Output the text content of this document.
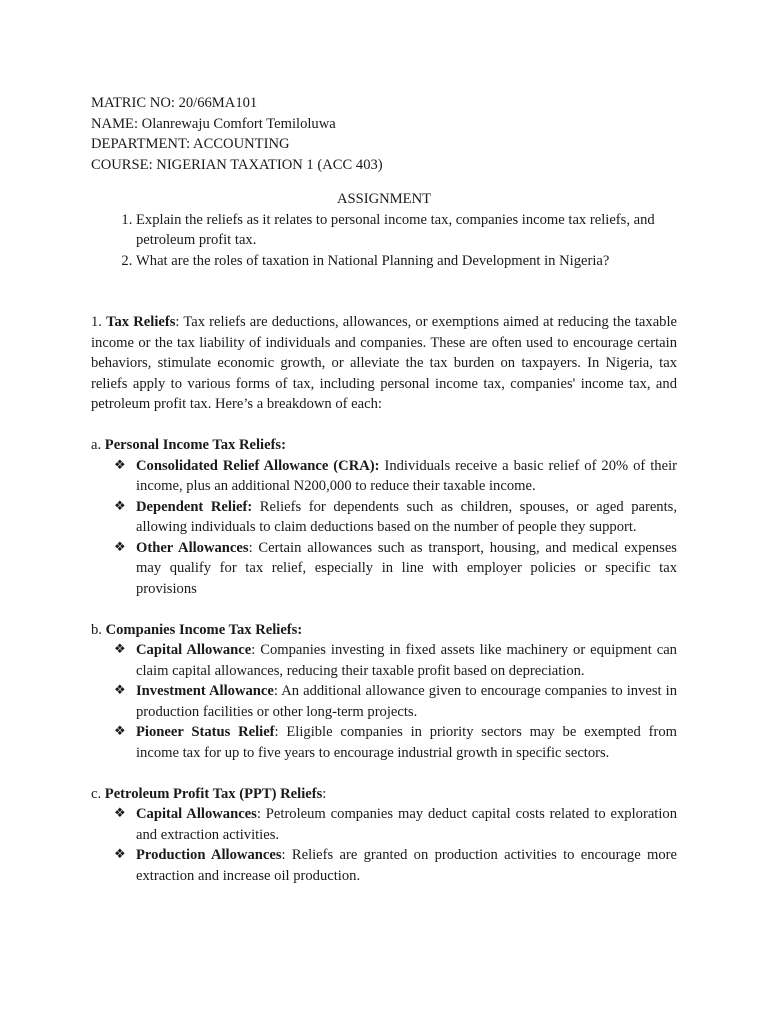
MATRIC NO: 20/66MA101

NAME: Olanrewaju Comfort Temiloluwa

DEPARTMENT: ACCOUNTING

COURSE: NIGERIAN TAXATION 1 (ACC 403)

ASSIGNMENT
1. Explain the reliefs as it relates to personal income tax, companies income tax reliefs, and petroleum profit tax.
2. What are the roles of taxation in National Planning and Development in Nigeria?

1. Tax Reliefs: Tax reliefs are deductions, allowances, or exemptions aimed at reducing the taxable income or the tax liability of individuals and companies. These are often used to encourage certain behaviors, stimulate economic growth, or alleviate the tax burden on taxpayers. In Nigeria, tax reliefs apply to various forms of tax, including personal income tax, companies' income tax, and petroleum profit tax. Here’s a breakdown of each:

a. Personal Income Tax Reliefs:

❖ Consolidated Relief Allowance (CRA): Individuals receive a basic relief of 20% of their income, plus an additional N200,000 to reduce their taxable income.
❖ Dependent Relief: Reliefs for dependents such as children, spouses, or aged parents, allowing individuals to claim deductions based on the number of people they support.
❖ Other Allowances: Certain allowances such as transport, housing, and medical expenses may qualify for tax relief, especially in line with employer policies or specific tax provisions

b. Companies Income Tax Reliefs:

❖ Capital Allowance: Companies investing in fixed assets like machinery or equipment can claim capital allowances, reducing their taxable profit based on depreciation.
❖ Investment Allowance: An additional allowance given to encourage companies to invest in production facilities or other long-term projects.
❖ Pioneer Status Relief: Eligible companies in priority sectors may be exempted from income tax for up to five years to encourage industrial growth in specific sectors.

c. Petroleum Profit Tax (PPT) Reliefs:

❖ Capital Allowances: Petroleum companies may deduct capital costs related to exploration and extraction activities.
❖ Production Allowances: Reliefs are granted on production activities to encourage more extraction and increase oil production.
